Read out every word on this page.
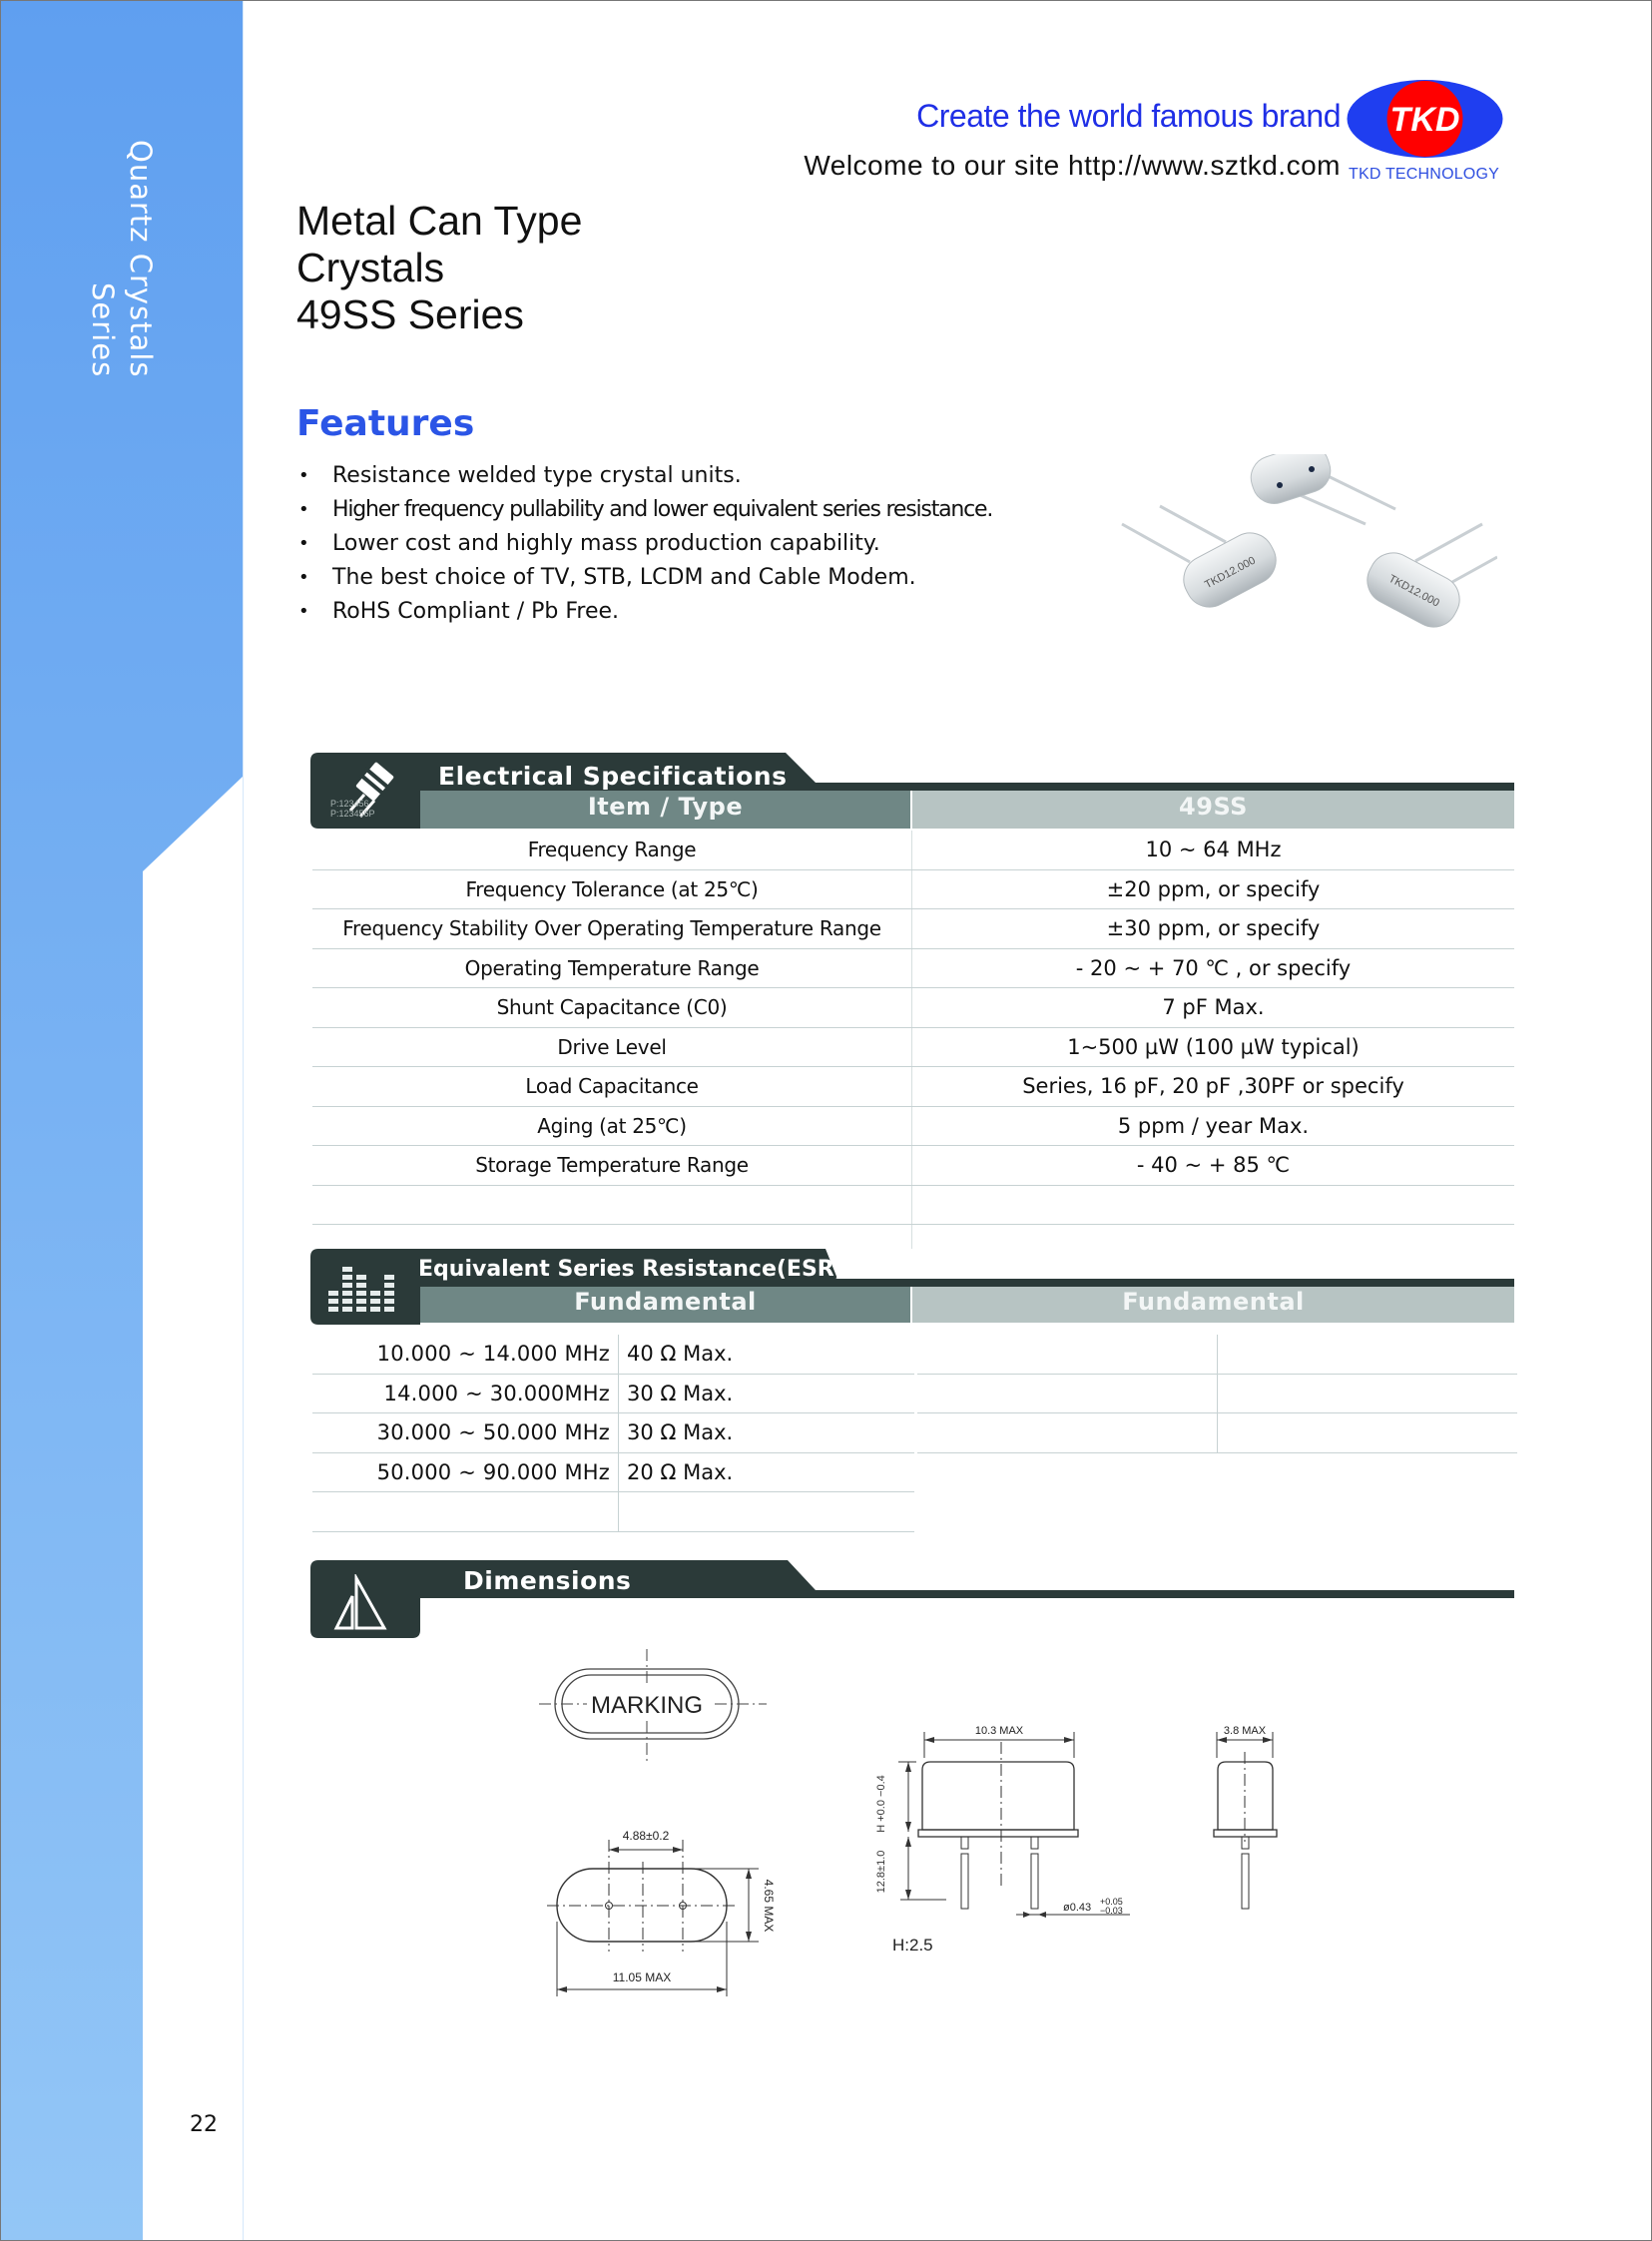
Quartz Crystals
Series
22
Create the world famous brand
Welcome to our site http://www.sztkd.com
TKD
TKD TECHNOLOGY
Metal Can Type
Crystals
49SS Series
Features
• Resistance welded type crystal units.
• Higher frequency pullability and lower equivalent series resistance.
• Lower cost and highly mass production capability.
• The best choice of TV, STB, LCDM and Cable Modem.
• RoHS Compliant / Pb Free.
TKD12.000	TKD12.000
P:123456
P:123456P
Electrical Specifications
Item / Type	49SS
Frequency Range	10 ~ 64 MHz
Frequency Tolerance (at 25℃)	±20 ppm, or specify
Frequency Stability Over Operating Temperature Range	±30 ppm, or specify
Operating Temperature Range	- 20 ~ + 70 ℃ , or specify
Shunt Capacitance (C0)	7 pF Max.
Drive Level	1~500 µW (100 µW typical)
Load Capacitance	Series, 16 pF, 20 pF ,30PF or specify
Aging (at 25℃)	5 ppm / year Max.
Storage Temperature Range	- 40 ~ + 85 ℃

Equivalent Series Resistance(ESR)
Fundamental	Fundamental
10.000 ~ 14.000 MHz	40 Ω Max.
14.000 ~ 30.000MHz	30 Ω Max.
30.000 ~ 50.000 MHz	30 Ω Max.
50.000 ~ 90.000 MHz	20 Ω Max.

Dimensions
MARKING
4.88±0.2
4.65 MAX
11.05 MAX
H +0.0 −0.4
12.8±1.0
10.3 MAX
ø0.43 +0.05
−0.03
3.8 MAX
H:2.5
